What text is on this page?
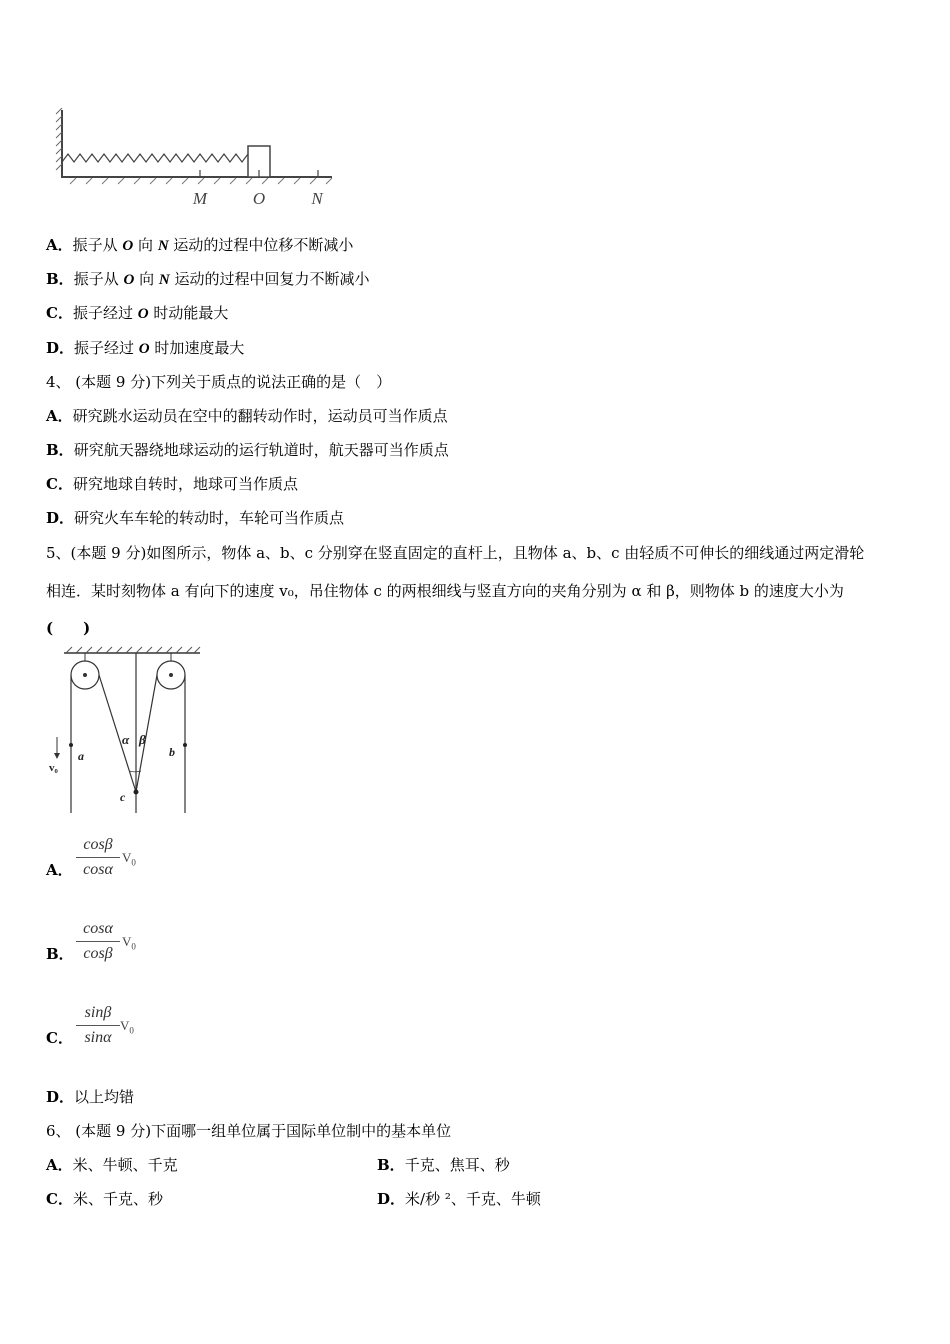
M	O	N
A．振子从 O 向 N 运动的过程中位移不断减小
B．振子从 O 向 N 运动的过程中回复力不断减小
C．振子经过 O 时动能最大
D．振子经过 O 时加速度最大
4、 (本题 9 分)下列关于质点的说法正确的是（　）
A．研究跳水运动员在空中的翻转动作时，运动员可当作质点
B．研究航天器绕地球运动的运行轨道时，航天器可当作质点
C．研究地球自转时，地球可当作质点
D．研究火车车轮的转动时，车轮可当作质点
5、(本题 9 分)如图所示，物体 a、b、c 分别穿在竖直固定的直杆上，且物体 a、b、c 由轻质不可伸长的细线通过两定滑轮
相连．某时刻物体 a 有向下的速度 v₀，吊住物体 c 的两根细线与竖直方向的夹角分别为 α 和 β，则物体 b 的速度大小为
(　　)
a	b
c
α β
v₀
A．
cosβ
cosα
$V_0$
B．
cosα
cosβ
$V_0$
C．
sinβ
sinα
$V_0$
D．以上均错
6、 (本题 9 分)下面哪一组单位属于国际单位制中的基本单位
A．米、牛顿、千克	B．千克、焦耳、秒
C．米、千克、秒	D．米/秒 ²、千克、牛顿
